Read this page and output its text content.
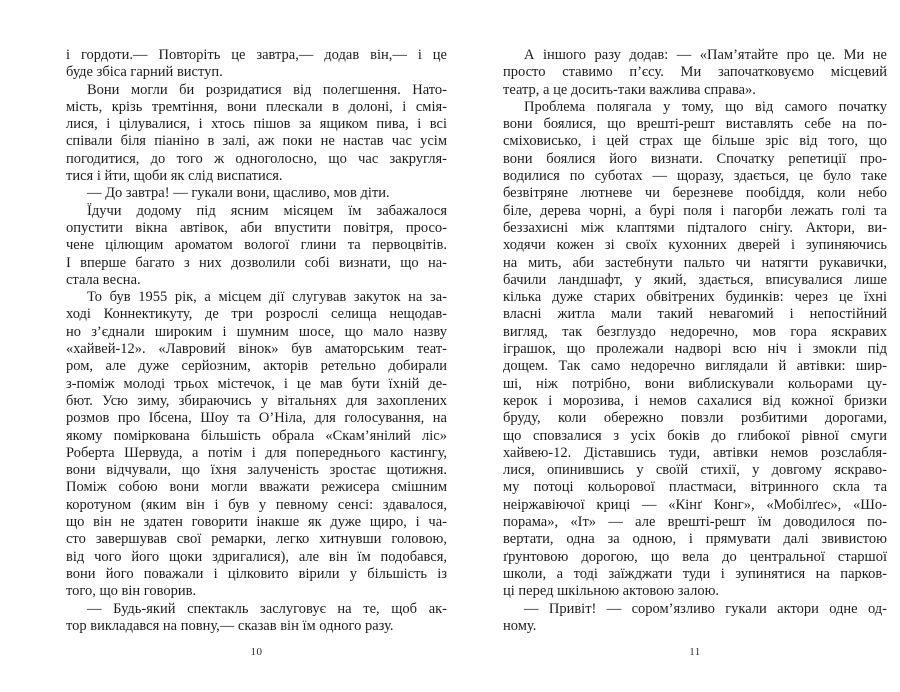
і гордоти.— Повторіть це завтра,— додав він,— і це
буде збіса гарний виступ.
Вони могли би розридатися від полегшення. Нато-
мість, крізь тремтіння, вони плескали в долоні, і смія-
лися, і цілувалися, і хтось пішов за ящиком пива, і всі
співали біля піаніно в залі, аж поки не настав час усім
погодитися, до того ж одноголосно, що час закругля-
тися і йти, щоби як слід виспатися.
— До завтра! — гукали вони, щасливо, мов діти.
Їдучи додому під ясним місяцем їм забажалося
опустити вікна автівок, аби впустити повітря, просо-
чене цілющим ароматом вологої глини та первоцвітів.
І вперше багато з них дозволили собі визнати, що на-
стала весна.
То був 1955 рік, а місцем дії слугував закуток на за-
ході Коннектикуту, де три розрослі селища нещодав-
но з’єднали широким і шумним шосе, що мало назву
«хайвей-12». «Лавровий вінок» був аматорським теат-
ром, але дуже серйозним, акторів ретельно добирали
з-поміж молоді трьох містечок, і це мав бути їхній де-
бют. Усю зиму, збираючись у вітальнях для захоплених
розмов про Ібсена, Шоу та О’Ніла, для голосування, на
якому поміркована більшість обрала «Скам’янілий ліс»
Роберта Шервуда, а потім і для попереднього кастингу,
вони відчували, що їхня залученість зростає щотижня.
Поміж собою вони могли вважати режисера смішним
коротуном (яким він і був у певному сенсі: здавалося,
що він не здатен говорити інакше як дуже щиро, і ча-
сто завершував свої ремарки, легко хитнувши головою,
від чого його щоки здригалися), але він їм подобався,
вони його поважали і цілковито вірили у більшість із
того, що він говорив.
— Будь-який спектакль заслуговує на те, щоб ак-
тор викладався на повну,— сказав він їм одного разу.
10
А іншого разу додав: — «Пам’ятайте про це. Ми не
просто ставимо п’єсу. Ми започатковуємо місцевий
театр, а це досить-таки важлива справа».
Проблема полягала у тому, що від самого початку
вони боялися, що врешті-решт виставлять себе на по-
сміховисько, і цей страх ще більше зріс від того, що
вони боялися його визнати. Спочатку репетиції про-
водилися по суботах — щоразу, здається, це було таке
безвітряне лютневе чи березневе пообіддя, коли небо
біле, дерева чорні, а бурі поля і пагорби лежать голі та
беззахисні між клаптями підталого снігу. Актори, ви-
ходячи кожен зі своїх кухонних дверей і зупиняючись
на мить, аби застебнути пальто чи натягти рукавички,
бачили ландшафт, у який, здається, вписувалися лише
кілька дуже старих обвітрених будинків: через це їхні
власні житла мали такий невагомий і непостійний
вигляд, так безглуздо недоречно, мов гора яскравих
іграшок, що пролежали надворі всю ніч і змокли під
дощем. Так само недоречно виглядали й автівки: шир-
ші, ніж потрібно, вони виблискували кольорами цу-
керок і морозива, і немов сахалися від кожної бризки
бруду, коли обережно повзли розбитими дорогами,
що сповзалися з усіх боків до глибокої рівної смуги
хайвею-12. Діставшись туди, автівки немов розслабля-
лися, опинившись у своїй стихії, у довгому яскраво-
му потоці кольорової пластмаси, вітринного скла та
неіржавіючої криці — «Кінґ Конг», «Мобілґес», «Шо-
порама», «Іт» — але врешті-решт їм доводилося по-
вертати, одна за одною, і прямувати далі звивистою
ґрунтовою дорогою, що вела до центральної старшої
школи, а тоді заїжджати туди і зупинятися на парков-
ці перед шкільною актовою залою.
— Привіт! — сором’язливо гукали актори одне од-
ному.
11
